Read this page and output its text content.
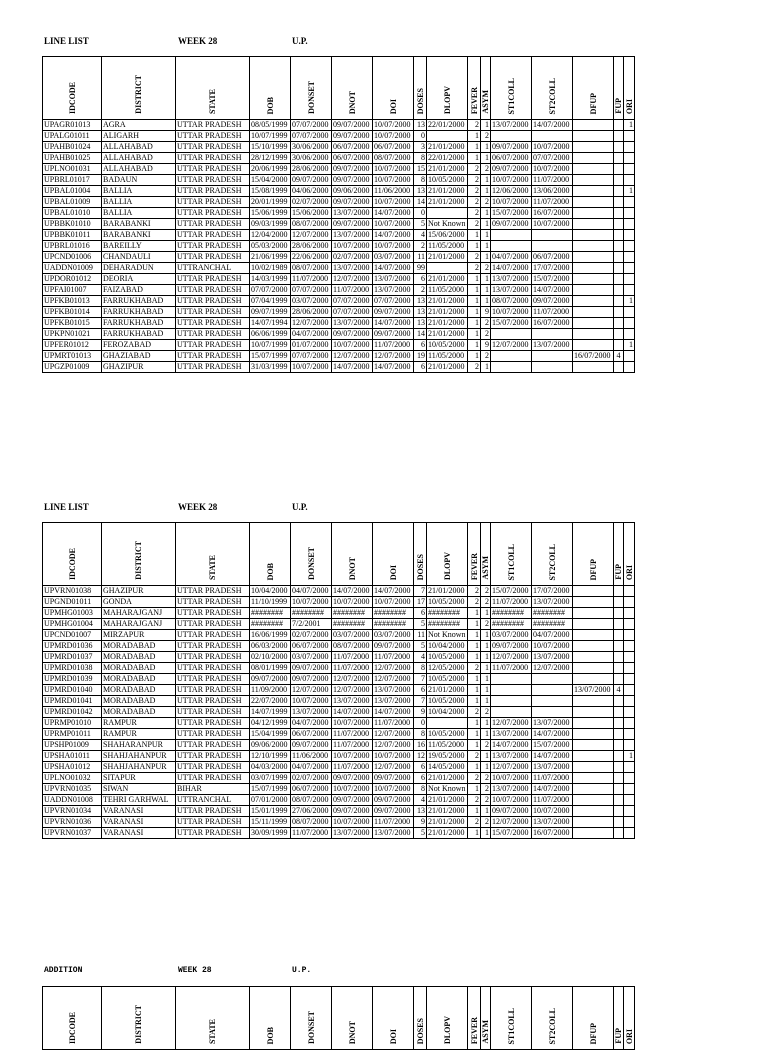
LINE LIST	WEEK 28	U.P.
IDCODE	DISTRICT	STATE	DOB	DONSET	DNOT	DOI	DOSES	DLOPV	FEVER	ASYM	ST1COLL	ST2COLL	DFUP	FUP	ORI
UPAGR01013	AGRA	UTTAR PRADESH	08/05/1999	07/07/2000	09/07/2000	10/07/2000	13	22/01/2000	2	1	13/07/2000	14/07/2000			1
UPALG01011	ALIGARH	UTTAR PRADESH	10/07/1999	07/07/2000	09/07/2000	10/07/2000	0		1	2					
UPAHB01024	ALLAHABAD	UTTAR PRADESH	15/10/1999	30/06/2000	06/07/2000	06/07/2000	3	21/01/2000	1	1	09/07/2000	10/07/2000			
UPAHB01025	ALLAHABAD	UTTAR PRADESH	28/12/1999	30/06/2000	06/07/2000	08/07/2000	8	22/01/2000	1	1	06/07/2000	07/07/2000			
UPLNO01031	ALLAHABAD	UTTAR PRADESH	20/06/1999	28/06/2000	09/07/2000	10/07/2000	15	21/01/2000	2	2	09/07/2000	10/07/2000			
UPBRL01017	BADAUN	UTTAR PRADESH	15/04/2000	09/07/2000	09/07/2000	10/07/2000	8	10/05/2000	2	1	10/07/2000	11/07/2000			
UPBAL01004	BALLIA	UTTAR PRADESH	15/08/1999	04/06/2000	09/06/2000	11/06/2000	13	21/01/2000	2	1	12/06/2000	13/06/2000			1
UPBAL01009	BALLIA	UTTAR PRADESH	20/01/1999	02/07/2000	09/07/2000	10/07/2000	14	21/01/2000	2	2	10/07/2000	11/07/2000			
UPBAL01010	BALLIA	UTTAR PRADESH	15/06/1999	15/06/2000	13/07/2000	14/07/2000	0		2	1	15/07/2000	16/07/2000			
UPBBK01010	BARABANKI	UTTAR PRADESH	09/03/1999	08/07/2000	09/07/2000	10/07/2000	5	Not Known	2	1	09/07/2000	10/07/2000			
UPBBK01011	BARABANKI	UTTAR PRADESH	12/04/2000	12/07/2000	13/07/2000	14/07/2000	4	15/06/2000	1	1					
UPBRL01016	BAREILLY	UTTAR PRADESH	05/03/2000	28/06/2000	10/07/2000	10/07/2000	2	11/05/2000	1	1					
UPCND01006	CHANDAULI	UTTAR PRADESH	21/06/1999	22/06/2000	02/07/2000	03/07/2000	11	21/01/2000	2	1	04/07/2000	06/07/2000			
UADDN01009	DEHARADUN	UTTRANCHAL	10/02/1989	08/07/2000	13/07/2000	14/07/2000	99		2	2	14/07/2000	17/07/2000			
UPDOR01012	DEORIA	UTTAR PRADESH	14/03/1999	11/07/2000	12/07/2000	13/07/2000	6	21/01/2000	1	1	13/07/2000	15/07/2000			
UPFAI01007	FAIZABAD	UTTAR PRADESH	07/07/2000	07/07/2000	11/07/2000	13/07/2000	2	11/05/2000	1	1	13/07/2000	14/07/2000			
UPFKB01013	FARRUKHABAD	UTTAR PRADESH	07/04/1999	03/07/2000	07/07/2000	07/07/2000	13	21/01/2000	1	1	08/07/2000	09/07/2000			1
UPFKB01014	FARRUKHABAD	UTTAR PRADESH	09/07/1999	28/06/2000	07/07/2000	09/07/2000	13	21/01/2000	1	9	10/07/2000	11/07/2000			
UPFKB01015	FARRUKHABAD	UTTAR PRADESH	14/07/1994	12/07/2000	13/07/2000	14/07/2000	13	21/01/2000	1	2	15/07/2000	16/07/2000			
UPKPN01021	FARRUKHABAD	UTTAR PRADESH	06/06/1999	04/07/2000	09/07/2000	09/07/2000	14	21/01/2000	1	2					
UPFER01012	FEROZABAD	UTTAR PRADESH	10/07/1999	01/07/2000	10/07/2000	11/07/2000	6	10/05/2000	1	9	12/07/2000	13/07/2000			1
UPMRT01013	GHAZIABAD	UTTAR PRADESH	15/07/1999	07/07/2000	12/07/2000	12/07/2000	19	11/05/2000	1	2			16/07/2000	4	
UPGZP01009	GHAZIPUR	UTTAR PRADESH	31/03/1999	10/07/2000	14/07/2000	14/07/2000	6	21/01/2000	2	1					
LINE LIST	WEEK 28	U.P.
IDCODE	DISTRICT	STATE	DOB	DONSET	DNOT	DOI	DOSES	DLOPV	FEVER	ASYM	ST1COLL	ST2COLL	DFUP	FUP	ORI
UPVRN01038	GHAZIPUR	UTTAR PRADESH	10/04/2000	04/07/2000	14/07/2000	14/07/2000	7	21/01/2000	2	2	15/07/2000	17/07/2000			
UPGND01011	GONDA	UTTAR PRADESH	11/10/1999	10/07/2000	10/07/2000	10/07/2000	17	10/05/2000	2	2	11/07/2000	13/07/2000			
UPMHG01003	MAHARAJGANJ	UTTAR PRADESH	########	########	########	########	6	########	1	1	########	########			
UPMHG01004	MAHARAJGANJ	UTTAR PRADESH	########	7/2/2001	########	########	5	########	1	2	########	########			
UPCND01007	MIRZAPUR	UTTAR PRADESH	16/06/1999	02/07/2000	03/07/2000	03/07/2000	11	Not Known	1	1	03/07/2000	04/07/2000			
UPMRD01036	MORADABAD	UTTAR PRADESH	06/03/2000	06/07/2000	08/07/2000	09/07/2000	5	10/04/2000	1	1	09/07/2000	10/07/2000			
UPMRD01037	MORADABAD	UTTAR PRADESH	02/10/2000	03/07/2000	11/07/2000	11/07/2000	4	10/05/2000	1	1	12/07/2000	13/07/2000			
UPMRD01038	MORADABAD	UTTAR PRADESH	08/01/1999	09/07/2000	11/07/2000	12/07/2000	8	12/05/2000	2	1	11/07/2000	12/07/2000			
UPMRD01039	MORADABAD	UTTAR PRADESH	09/07/2000	09/07/2000	12/07/2000	12/07/2000	7	10/05/2000	1	1					
UPMRD01040	MORADABAD	UTTAR PRADESH	11/09/2000	12/07/2000	12/07/2000	13/07/2000	6	21/01/2000	1	1			13/07/2000	4	
UPMRD01041	MORADABAD	UTTAR PRADESH	22/07/2000	10/07/2000	13/07/2000	13/07/2000	7	10/05/2000	1	1					
UPMRD01042	MORADABAD	UTTAR PRADESH	14/07/1999	13/07/2000	14/07/2000	14/07/2000	9	10/04/2000	2	2					
UPRMP01010	RAMPUR	UTTAR PRADESH	04/12/1999	04/07/2000	10/07/2000	11/07/2000	0		1	1	12/07/2000	13/07/2000			
UPRMP01011	RAMPUR	UTTAR PRADESH	15/04/1999	06/07/2000	11/07/2000	12/07/2000	8	10/05/2000	1	1	13/07/2000	14/07/2000			
UPSHP01009	SHAHARANPUR	UTTAR PRADESH	09/06/2000	09/07/2000	11/07/2000	12/07/2000	16	11/05/2000	1	2	14/07/2000	15/07/2000			
UPSHA01011	SHAHJAHANPUR	UTTAR PRADESH	12/10/1999	11/06/2000	10/07/2000	10/07/2000	12	19/05/2000	2	1	13/07/2000	14/07/2000			1
UPSHA01012	SHAHJAHANPUR	UTTAR PRADESH	04/03/2000	04/07/2000	11/07/2000	12/07/2000	6	14/05/2000	1	1	12/07/2000	13/07/2000			
UPLNO01032	SITAPUR	UTTAR PRADESH	03/07/1999	02/07/2000	09/07/2000	09/07/2000	6	21/01/2000	2	2	10/07/2000	11/07/2000			
UPVRN01035	SIWAN	BIHAR	15/07/1999	06/07/2000	10/07/2000	10/07/2000	8	Not Known	1	2	13/07/2000	14/07/2000			
UADDN01008	TEHRI GARHWAL	UTTRANCHAL	07/01/2000	08/07/2000	09/07/2000	09/07/2000	4	21/01/2000	2	2	10/07/2000	11/07/2000			
UPVRN01034	VARANASI	UTTAR PRADESH	15/01/1999	27/06/2000	09/07/2000	09/07/2000	13	21/01/2000	1	1	09/07/2000	10/07/2000			
UPVRN01036	VARANASI	UTTAR PRADESH	15/11/1999	08/07/2000	10/07/2000	11/07/2000	9	21/01/2000	2	2	12/07/2000	13/07/2000			
UPVRN01037	VARANASI	UTTAR PRADESH	30/09/1999	11/07/2000	13/07/2000	13/07/2000	5	21/01/2000	1	1	15/07/2000	16/07/2000			
ADDITION	WEEK 28	U.P.
IDCODE	DISTRICT	STATE	DOB	DONSET	DNOT	DOI	DOSES	DLOPV	FEVER	ASYM	ST1COLL	ST2COLL	DFUP	FUP	ORI
